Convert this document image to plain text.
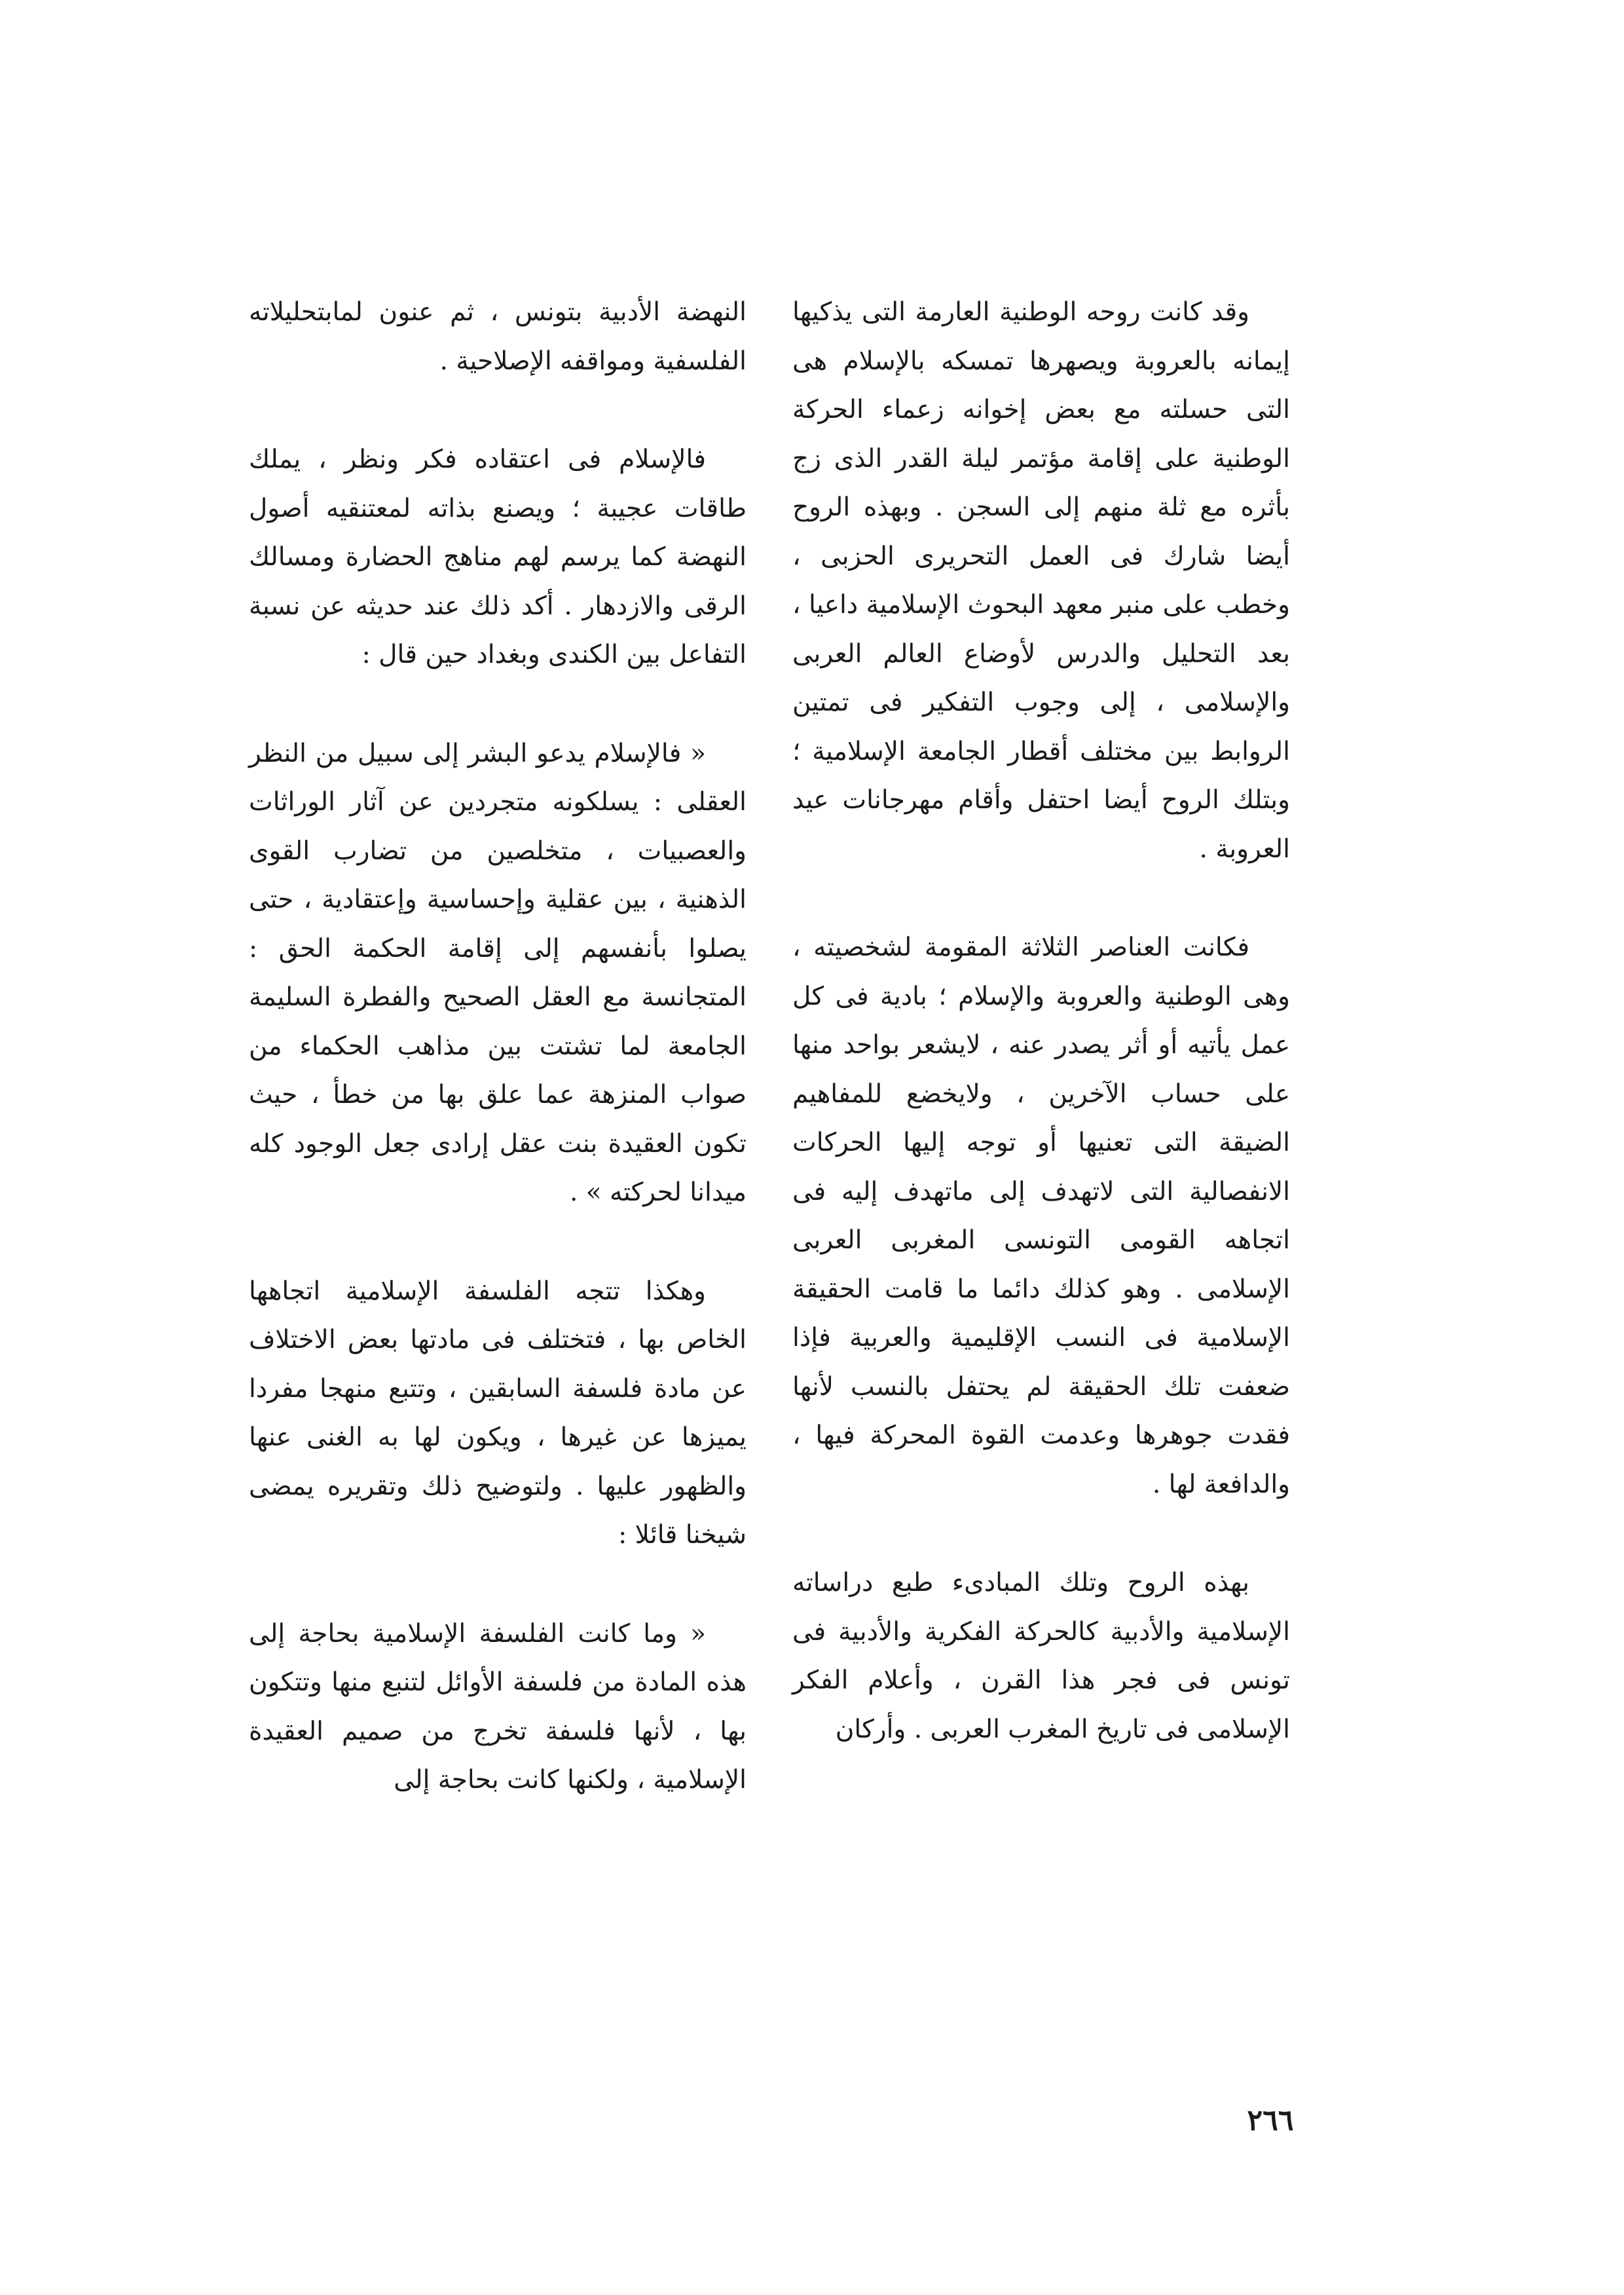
وقد كانت روحه الوطنية العارمة التى يذكيها إيمانه بالعروبة ويصهرها تمسكه بالإسلام هى التى حسلته مع بعض إخوانه زعماء الحركة الوطنية على إقامة مؤتمر ليلة القدر الذى زج بأثره مع ثلة منهم إلى السجن . وبهذه الروح أيضا شارك فى العمل التحريرى الحزبى ، وخطب على منبر معهد البحوث الإسلامية داعيا ، بعد التحليل والدرس لأوضاع العالم العربى والإسلامى ، إلى وجوب التفكير فى تمتين الروابط بين مختلف أقطار الجامعة الإسلامية ؛ وبتلك الروح أيضا احتفل وأقام مهرجانات عيد العروبة .

فكانت العناصر الثلاثة المقومة لشخصيته ، وهى الوطنية والعروبة والإسلام ؛ بادية فى كل عمل يأتيه أو أثر يصدر عنه ، لايشعر بواحد منها على حساب الآخرين ، ولايخضع للمفاهيم الضيقة التى تعنيها أو توجه إليها الحركات الانفصالية التى لاتهدف إلى ماتهدف إليه فى اتجاهه القومى التونسى المغربى العربى الإسلامى . وهو كذلك دائما ما قامت الحقيقة الإسلامية فى النسب الإقليمية والعربية فإذا ضعفت تلك الحقيقة لم يحتفل بالنسب لأنها فقدت جوهرها وعدمت القوة المحركة فيها ، والدافعة لها .

بهذه الروح وتلك المبادىء طبع دراساته الإسلامية والأدبية كالحركة الفكرية والأدبية فى تونس فى فجر هذا القرن ، وأعلام الفكر الإسلامى فى تاريخ المغرب العربى . وأركان

النهضة الأدبية بتونس ، ثم عنون لمابتحليلاته الفلسفية ومواقفه الإصلاحية .

فالإسلام فى اعتقاده فكر ونظر ، يملك طاقات عجيبة ؛ ويصنع بذاته لمعتنقيه أصول النهضة كما يرسم لهم مناهج الحضارة ومسالك الرقى والازدهار . أكد ذلك عند حديثه عن نسبة التفاعل بين الكندى وبغداد حين قال :

« فالإسلام يدعو البشر إلى سبيل من النظر العقلى : يسلكونه متجردين عن آثار الوراثات والعصبيات ، متخلصين من تضارب القوى الذهنية ، بين عقلية وإحساسية وإعتقادية ، حتى يصلوا بأنفسهم إلى إقامة الحكمة الحق : المتجانسة مع العقل الصحيح والفطرة السليمة الجامعة لما تشتت بين مذاهب الحكماء من صواب المنزهة عما علق بها من خطأ ، حيث تكون العقيدة بنت عقل إرادى جعل الوجود كله ميدانا لحركته » .

وهكذا تتجه الفلسفة الإسلامية اتجاهها الخاص بها ، فتختلف فى مادتها بعض الاختلاف عن مادة فلسفة السابقين ، وتتبع منهجا مفردا يميزها عن غيرها ، ويكون لها به الغنى عنها والظهور عليها . ولتوضيح ذلك وتقريره يمضى شيخنا قائلا :

« وما كانت الفلسفة الإسلامية بحاجة إلى هذه المادة من فلسفة الأوائل لتنبع منها وتتكون بها ، لأنها فلسفة تخرج من صميم العقيدة الإسلامية ، ولكنها كانت بحاجة إلى

٢٦٦
